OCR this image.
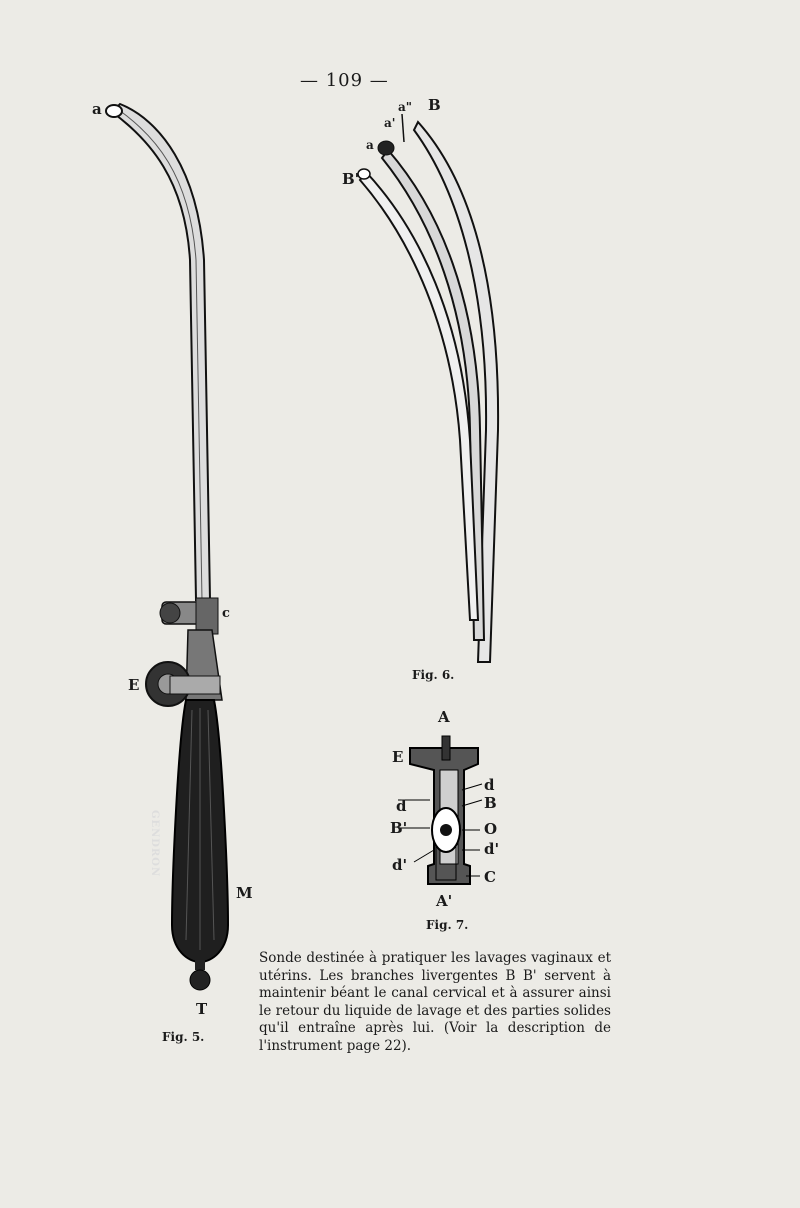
— 109 —
a
c
E
M
T
GENDRON
Fig. 5.
B
a"
a'
a
B'
Fig. 6.
A
E
d
B
d
O
B'
d'
d'
C
A'
Fig. 7.
Sonde destinée à pratiquer les lavages vaginaux et utérins. Les branches livergentes B B' servent à maintenir béant le canal cervical et à assurer ainsi le retour du liquide de lavage et des parties solides qu'il entraîne après lui. (Voir la description de l'instrument page 22).
